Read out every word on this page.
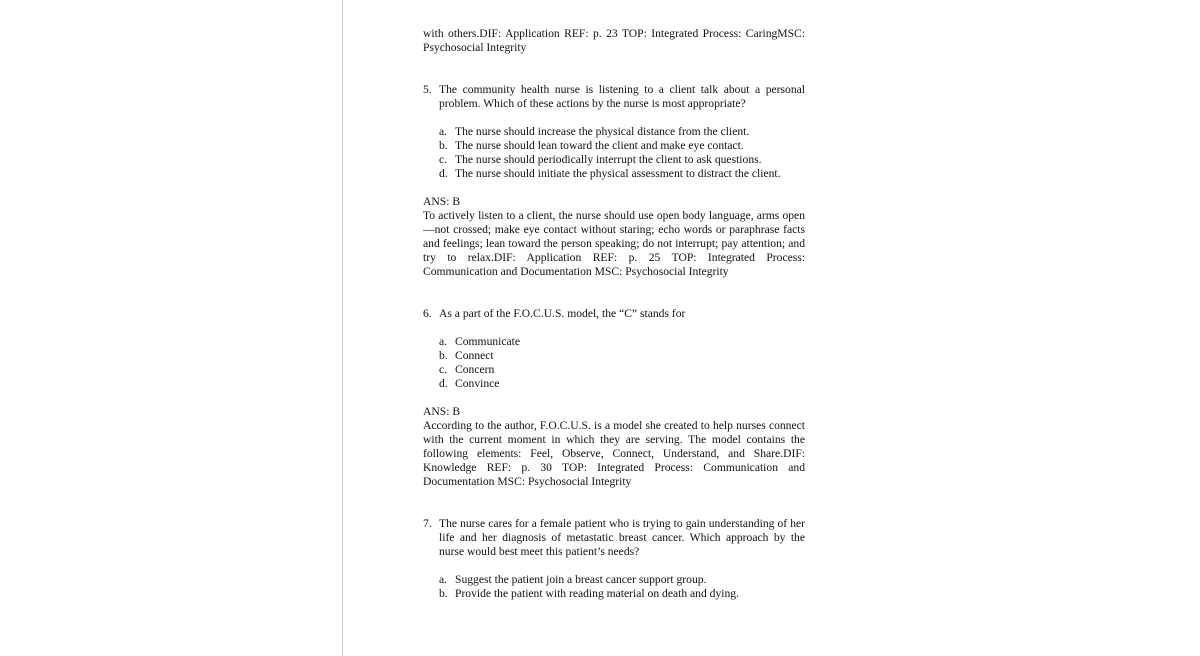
with others.DIF: Application REF: p. 23 TOP: Integrated Process: CaringMSC: Psychosocial Integrity

5. The community health nurse is listening to a client talk about a personal problem. Which of these actions by the nurse is most appropriate?
a. The nurse should increase the physical distance from the client.
b. The nurse should lean toward the client and make eye contact.
c. The nurse should periodically interrupt the client to ask questions.
d. The nurse should initiate the physical assessment to distract the client.

ANS: B

To actively listen to a client, the nurse should use open body language, arms open—not crossed; make eye contact without staring; echo words or paraphrase facts and feelings; lean toward the person speaking; do not interrupt; pay attention; and try to relax.DIF: Application REF: p. 25 TOP: Integrated Process: Communication and Documentation MSC: Psychosocial Integrity

6. As a part of the F.O.C.U.S. model, the “C” stands for
a. Communicate
b. Connect
c. Concern
d. Convince

ANS: B

According to the author, F.O.C.U.S. is a model she created to help nurses connect with the current moment in which they are serving. The model contains the following elements: Feel, Observe, Connect, Understand, and Share.DIF: Knowledge REF: p. 30 TOP: Integrated Process: Communication and Documentation MSC: Psychosocial Integrity

7. The nurse cares for a female patient who is trying to gain understanding of her life and her diagnosis of metastatic breast cancer. Which approach by the nurse would best meet this patient’s needs?
a. Suggest the patient join a breast cancer support group.
b. Provide the patient with reading material on death and dying.
